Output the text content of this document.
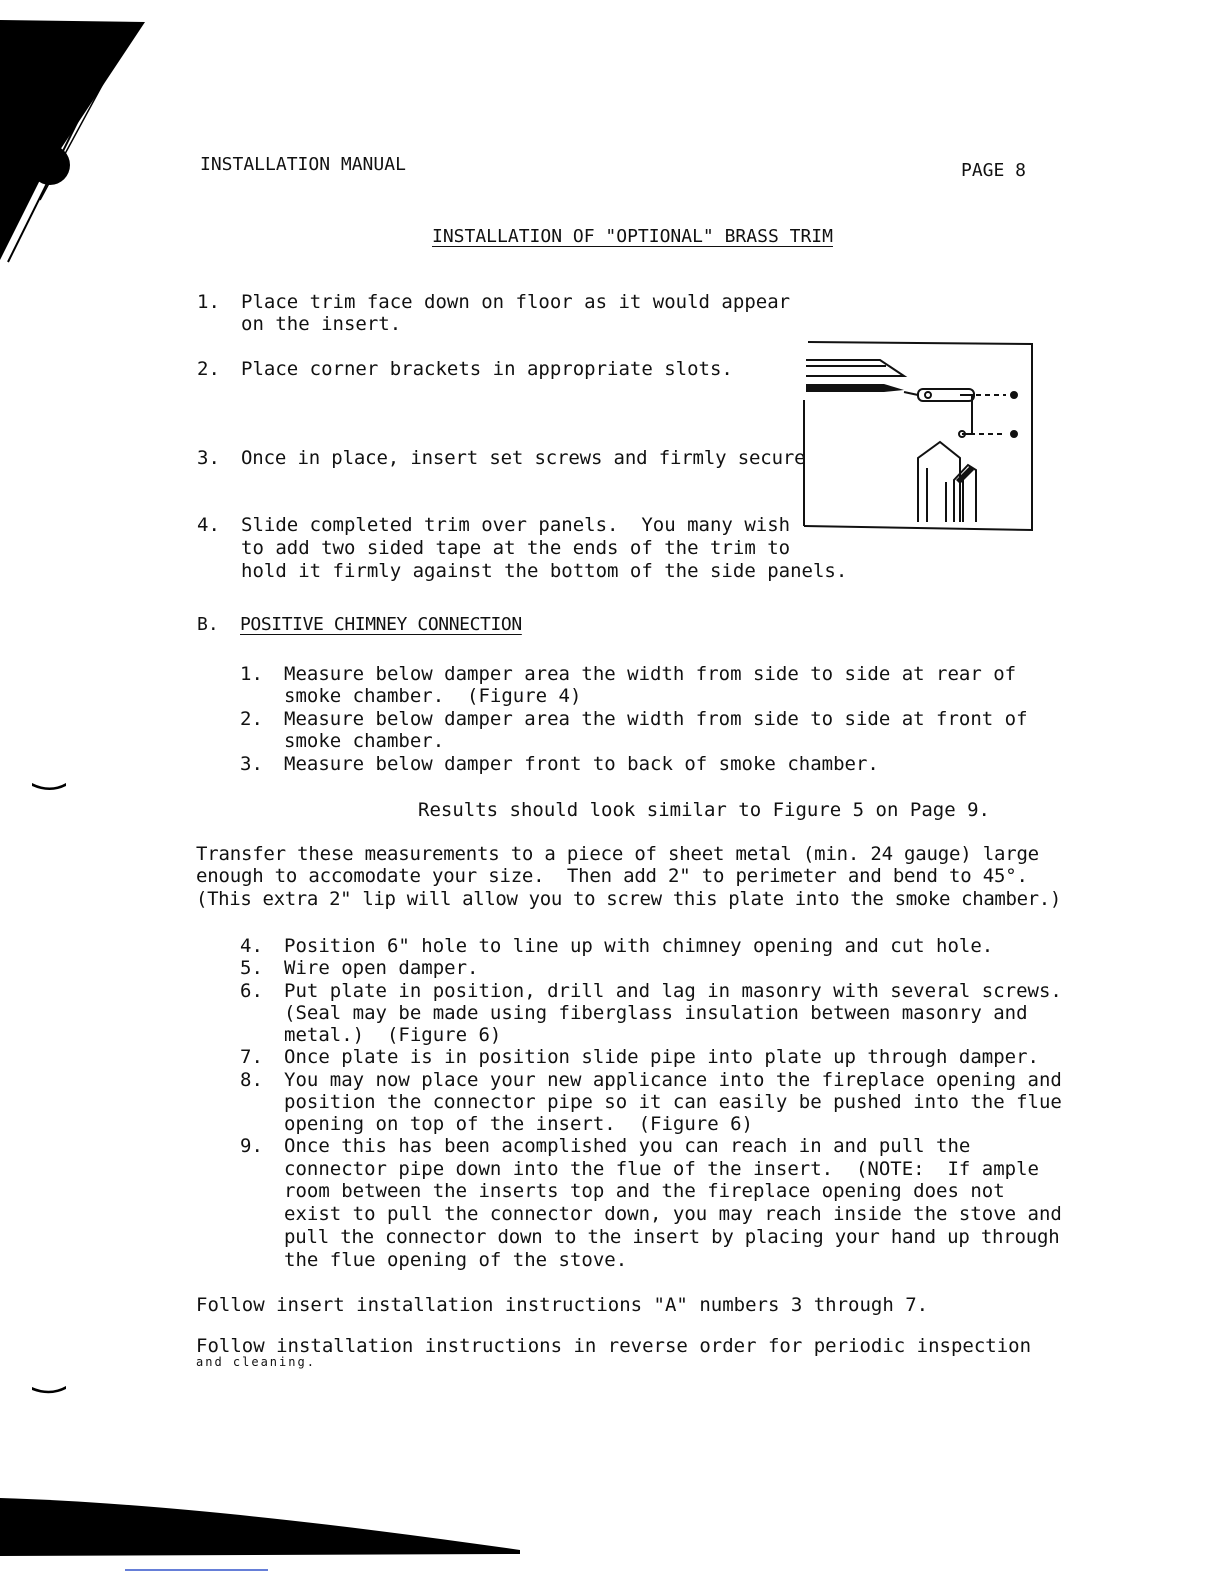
INSTALLATION MANUAL	PAGE 8
INSTALLATION OF "OPTIONAL" BRASS TRIM
1. Place trim face down on floor as it would appear
on the insert.
2. Place corner brackets in appropriate slots.
3. Once in place, insert set screws and firmly secure
4. Slide completed trim over panels.  You many wish
to add two sided tape at the ends of the trim to
hold it firmly against the bottom of the side panels.
B. POSITIVE CHIMNEY CONNECTION
1. Measure below damper area the width from side to side at rear of
smoke chamber.  (Figure 4)
2. Measure below damper area the width from side to side at front of
smoke chamber.
3. Measure below damper front to back of smoke chamber.
Results should look similar to Figure 5 on Page 9.
Transfer these measurements to a piece of sheet metal (min. 24 gauge) large
enough to accomodate your size.  Then add 2" to perimeter and bend to 45°.
(This extra 2" lip will allow you to screw this plate into the smoke chamber.)
4. Position 6" hole to line up with chimney opening and cut hole.
5. Wire open damper.
6. Put plate in position, drill and lag in masonry with several screws.
(Seal may be made using fiberglass insulation between masonry and
metal.)  (Figure 6)
7. Once plate is in position slide pipe into plate up through damper.
8. You may now place your new applicance into the fireplace opening and
position the connector pipe so it can easily be pushed into the flue
opening on top of the insert.  (Figure 6)
9. Once this has been acomplished you can reach in and pull the
connector pipe down into the flue of the insert.  (NOTE:  If ample
room between the inserts top and the fireplace opening does not
exist to pull the connector down, you may reach inside the stove and
pull the connector down to the insert by placing your hand up through
the flue opening of the stove.
Follow insert installation instructions "A" numbers 3 through 7.
Follow installation instructions in reverse order for periodic inspection
and cleaning.
